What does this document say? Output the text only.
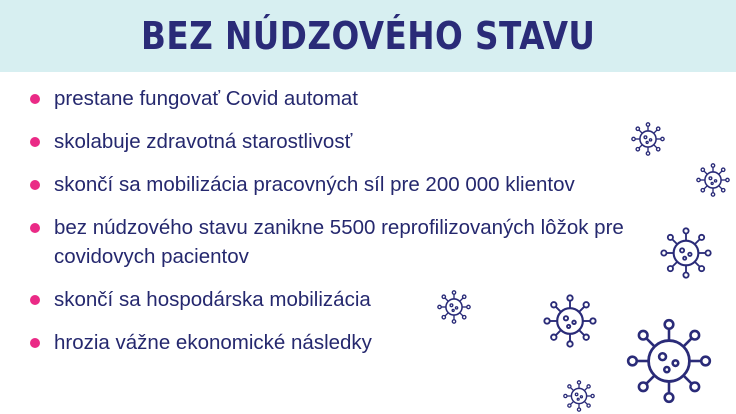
BEZ NÚDZOVÉHO STAVU
prestane fungovať Covid automat
skolabuje zdravotná starostlivosť
skončí sa mobilizácia pracovných síl pre 200 000 klientov
bez núdzového stavu zanikne 5500 reprofilizovaných lôžok pre covidovych pacientov
skončí sa hospodárska mobilizácia
hrozia vážne ekonomické následky
